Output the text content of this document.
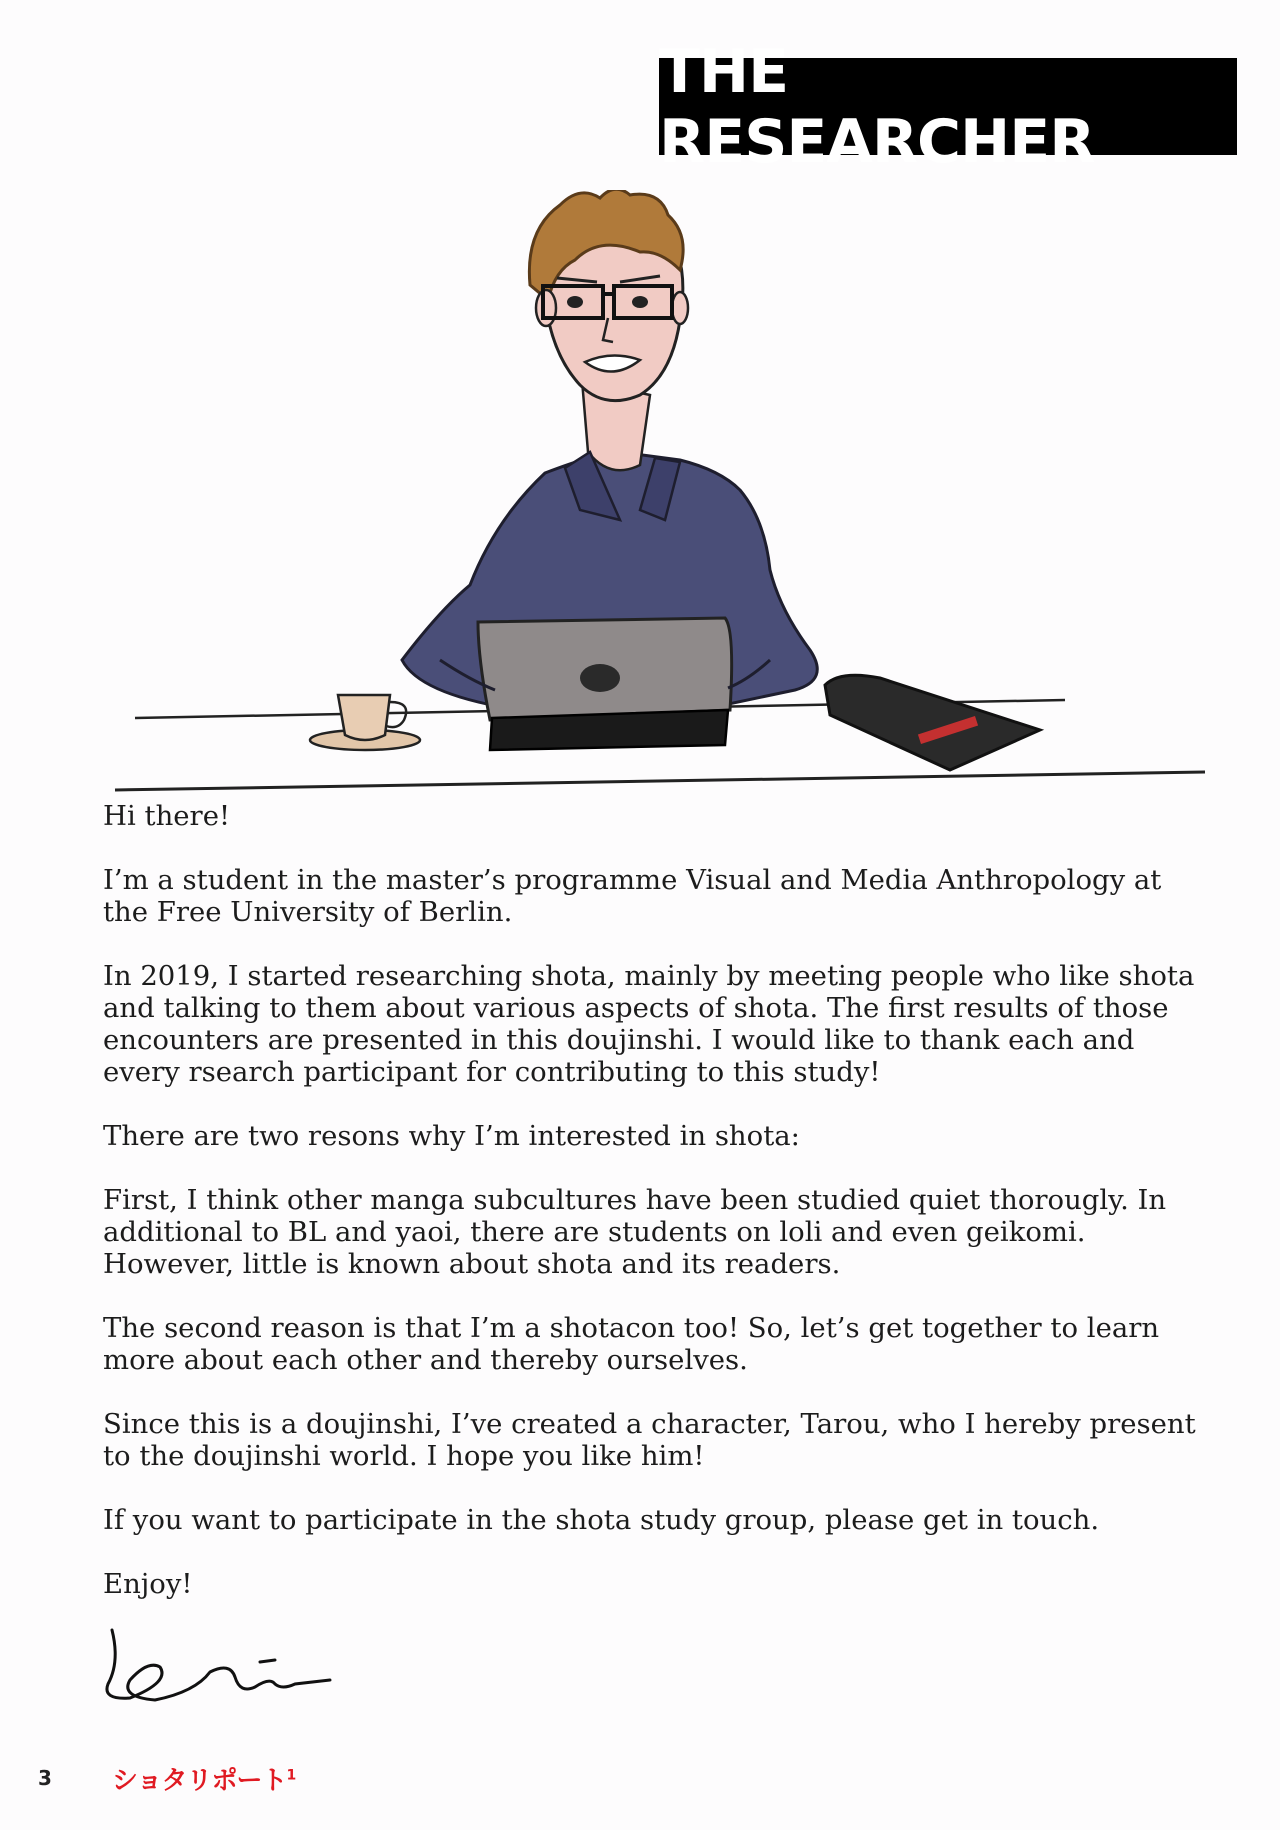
THE RESEARCHER

Hi there!

I’m a student in the master’s programme Visual and Media Anthropology at the Free University of Berlin.

In 2019, I started researching shota, mainly by meeting people who like shota and talking to them about various aspects of shota. The first results of those encounters are presented in this doujinshi. I would like to thank each and every rsearch participant for contributing to this study!

There are two resons why I’m interested in shota:

First, I think other manga subcultures have been studied quiet thorougly. In additional to BL and yaoi, there are students on loli and even geikomi. However, little is known about shota and its readers.

The second reason is that I’m a shotacon too! So, let’s get together to learn more about each other and thereby ourselves.

Since this is a doujinshi, I’ve created a character, Tarou, who I hereby present to the doujinshi world. I hope you like him!

If you want to participate in the shota study group, please get in touch.

Enjoy!

3 ショタリポート$^1$
